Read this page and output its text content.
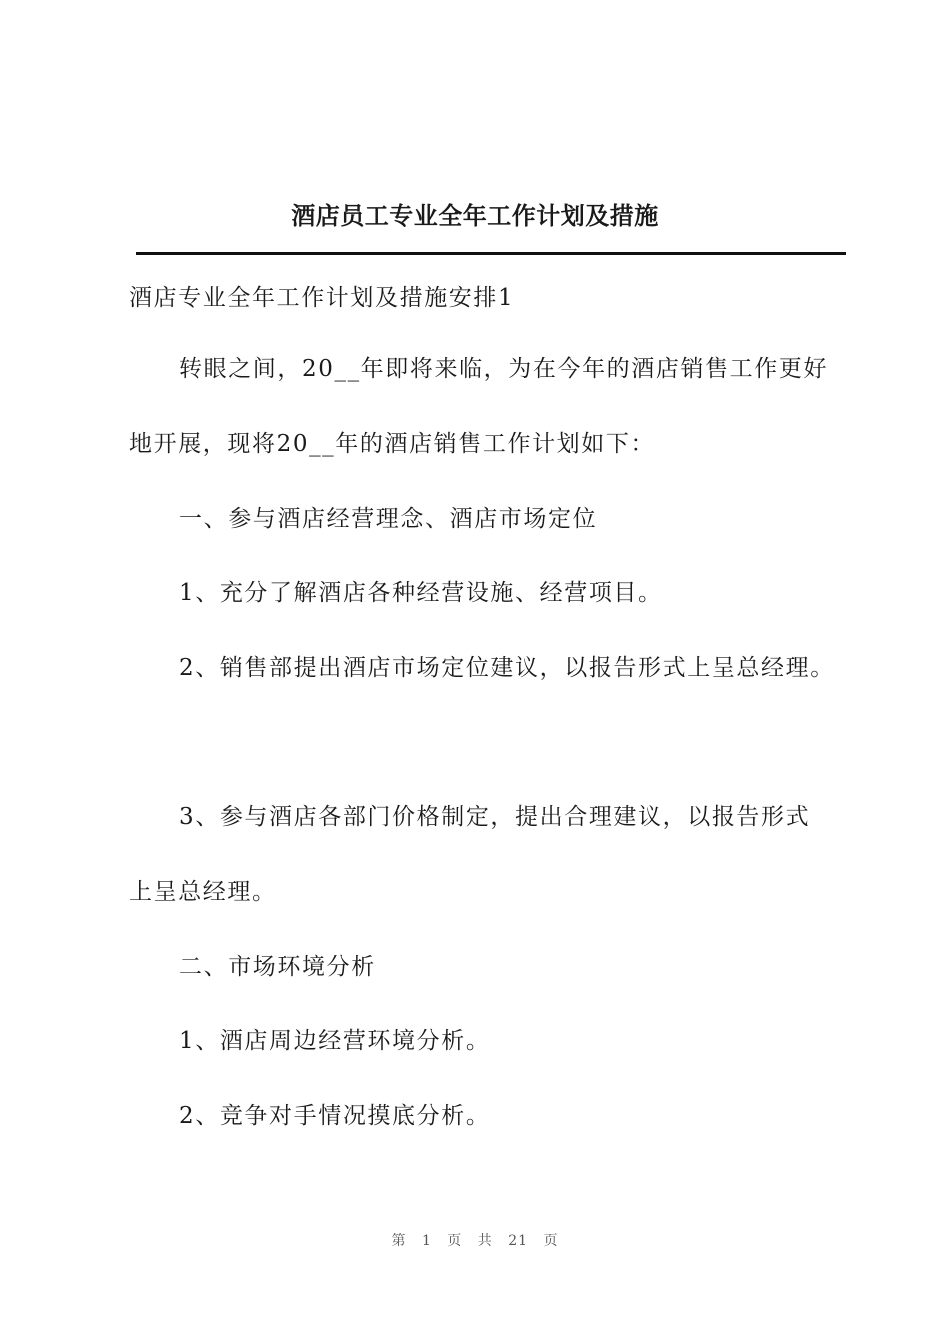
酒店员工专业全年工作计划及措施
酒店专业全年工作计划及措施安排1
转眼之间，20__年即将来临，为在今年的酒店销售工作更好
地开展，现将20__年的酒店销售工作计划如下：
一、参与酒店经营理念、酒店市场定位
1、充分了解酒店各种经营设施、经营项目。
2、销售部提出酒店市场定位建议，以报告形式上呈总经理。
3、参与酒店各部门价格制定，提出合理建议，以报告形式
上呈总经理。
二、市场环境分析
1、酒店周边经营环境分析。
2、竞争对手情况摸底分析。
第 1 页 共 21 页
